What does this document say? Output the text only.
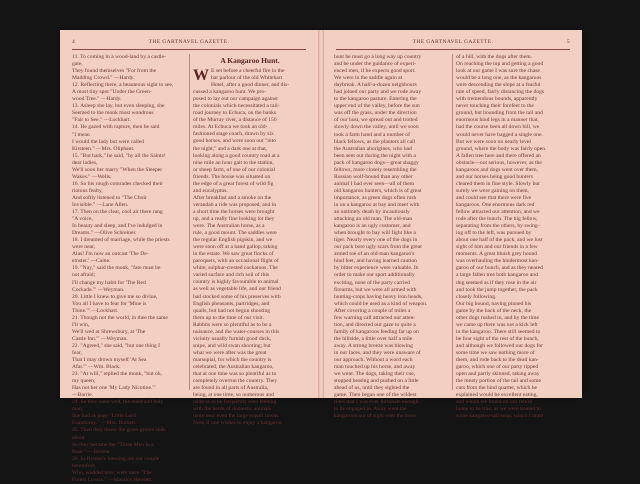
4	THE GARTNAVEL GAZETTE.
11. To coming in a wood-land by a castle-
gate,
They found themselves "For from the
Madding Crowd." —Hardy.
12. Reflecting there, a beauteous sight to see,
A most tiny spot "Under the Green-
wood Tree." —Hardy.
13. Asleep she lay, but even sleeping, she
Seemed to the monk most wondrous
"Fair to See." —Lockhart.
14. He gazed with rapture, then he said
"I mean
I would the lady but were called
Kirsteen." —Mrs. Oliphant.
15. "But hark," he said, "by all the Saints!
dear ladies,
We'll soon her marry "When the Sleeper
Wakes." —Wells.
16. So his rough comrades checked their
riotous fealty,
And softly listened to "The Choir
Invisible." —Lane Allen.
17. Then on the clear, cool air there rang
"A voice,
In beauty and sleep, and I've indulged in
Dreams." —Olive Schreiner.
18. I dreamed of marriage, while the priests
were near,
Alas! I'm now an outcast 'The De-
emster.' —Caine.
19. "Nay," said the monk, "fate must be
not afraid;
I'll change my habit for 'The Red
Cockade.'" —Weyman.
20. Little I knew to give me so divine,
You all I have to fear for 'Mine is
Thine.'" —Lockhart.
21. Though not the world, in thee the same
I'll win,
We'll wed at Shrewsbury, at 'The
Castle Inn.'" —Weyman.
22. "Agreed," she said, "but one thing I
fear,
That I may drown myself 'At Sea
Afar.'" —Wm. Black.
23. "At will," replied the monk, "but oh,
my queen,
Has not her one 'My Lady Nicotine.'"
—Barrie.
24. So they were wed, the maid and holy
man,
She had as page "Little Lord
Fauntleroy." —Mrs. Burnett.
25. Then they threw the grass-grown sods
about
So they became the "Three Men in a
Boat." —Jerome.
26. In Hymen's blessing are our couple
heretofore,
Who, wedded now, were once "The
Forest Lovers." —Maurice Hewlett.
A Kangaroo Hunt.
W E set before a cheerful fire in the
bar parlour of the old Whitehart
Hotel, after a good dinner, and dis-
cussed a kangaroo hunt. We pro-
posed to lay out our campaign against
the colonials which necessitated a rail-
road journey to Echuca, on the banks
of the Murray river, a distance of 156
miles. At Echuca we took an old-
fashioned stage coach, drawn by six
good horses, and were soon out "into
the night," and a dark one at that,
looking along a good country road at a
nine mile an hour gait to the station,
or sheep farm, of one of our colonial
friends. The house was situated on
the edge of a great forest of wild fig
and eucalyptus.
After breakfast and a smoke on the
verandah a ride was proposed, and in
a short time the horses were brought
up, and a really fine looking lot they
were. The Australian horse, as a
rule, a good mount. The saddles were
the regular English pigskin, and we
were soon off at a hand gallop, taking
in the estate. We saw great flocks of
paroquets, with an occasional flight of
white, sulphur-crested cockatoos. The
varied surface and rich soil of this
country is highly favourable to animal
as well as vegetable life, and our friend
had stocked some of his preserves with
English pheasants, partridges, and
quails, but had not begun shooting
them up to the time of our visit.
Rabbits were so plentiful as to be a
nuisance, and the water-courses in this
vicinity usually furnish good duck,
snipe, and wild swan shooting; but
what we were after was the great
marsupial, for which the country is
celebrated, the Australian kangaroo,
that at one time was so plentiful as to
completely overrun the country. They
are found in all parts of Australia,
being, at one time, so numerous and
tame as to be frequently seen feeding
with the herds of domestic animals
quite near even the large export towns.
Now, if one wishes to enjoy a kangaroo
THE GARTNAVEL GAZETTE.	5
hunt he must go a long way up country
and be under the guidance of experi-
enced men, if he expects good sport.
We were in the saddle again at
daybreak. A half-a-dozen neighbours
had joined our party and we rode away
to the kangaroo pasture. Entering the
upper end of the valley, before the sun
was off the grass, under the direction
of our host, we spread out and trotted
slowly down the valley, until we soon
took a farm hand and a number of
black fellows, as the planters all call
the Australian aborigines, who had
been sent out during the night with a
pack of kangaroo dogs—great shaggy
fellows, more closely resembling the
Russian wolf-hound than any other
animal I had ever seen—all of them
old kangaroo hunters, which is of great
importance, as green dogs often rush
in on a kangaroo at bay and meet with
an untimely death by incautiously
attacking an old man. The old-man
kangaroo is an ugly customer, and
when brought to bay will fight like a
tiger. Nearly every one of the dogs in
our pack bore ugly scars from the great
armed toe of an old-man kangaroo's
hind feet, and having learned caution
by bitter experience were valuable. In
order to make our sport additionally
exciting, none of the party carried
firearms, but we were all armed with
hunting-crops having heavy iron heads,
which could be used as a kind of weapon.
After covering a couple of miles a
few warning call attracted our atten-
tion, and directed our gaze to quite a
family of kangaroos feeding far up on
the hillside, a little over half a mile
away. A strong breeze was blowing
in our faces, and they were unaware of
our approach. Without a word each
man touched up his horse, and away
we went. The dogs, taking their cue,
stopped beating and pushed on a little
ahead of us, until they sighted the
game. Then began one of the wildest
rides that I was ever fortunate enough
to be engaged in. Away went the
kangaroos out of sight over the brow
of a hill, with the dogs after them.
On reaching the top and getting a good
look at our game I was sure the chase
would be a long one, as the kangaroos
were descending the slope at a fearful
rate of speed, fairly distancing the dogs
with tremendous bounds, apparently
never touching their forefeet to the
ground, but bounding from the tail and
enormous hind legs in a manner that,
had the course been all down hill, we
would never have bagged a single one.
But we were soon on nearly level
ground, where the body was fairly open.
A fallen tree here and there offered an
obstacle—not serious, however, as the
kangaroos and dogs went over them,
and our horses being good hunters
cleared them in fine style. Slowly but
surely we were gaining on them,
and could see that there were five
kangaroos. One enormous dark red
fellow attracted our attention, and we
rode after the bunch. The big fellow,
separating from the others, by swing-
ing off to the left, was pursued by
about one half of the pack, and we lost
sight of him and our friends in a few
moments. A great bluish grey hound
was overhauling the hindermost kan-
garoo of our bunch, and as they neared
a large fallen tree both kangaroo and
dog seemed as if they rose in the air
and took the jump together, the pack
closely following.
Our big hound, having pinned his
game by the back of the neck, the
other dogs rushed in, and by the time
we came up there was not a kick left
in the kangaroo. There still seemed to
be four sight of the rest of the bunch,
and although we followed our dogs for
some time we saw nothing more of
them, and rode back to the dead kan-
garoo, which one of our party ripped
open and partly skinned, taking away
the meaty portion of the tail and some
cuts from the hind quarter, which he
explained would be excellent eating,
and which we found on our return
home to be true, as we were treated to
some kangaroo-tail soup, which I must
